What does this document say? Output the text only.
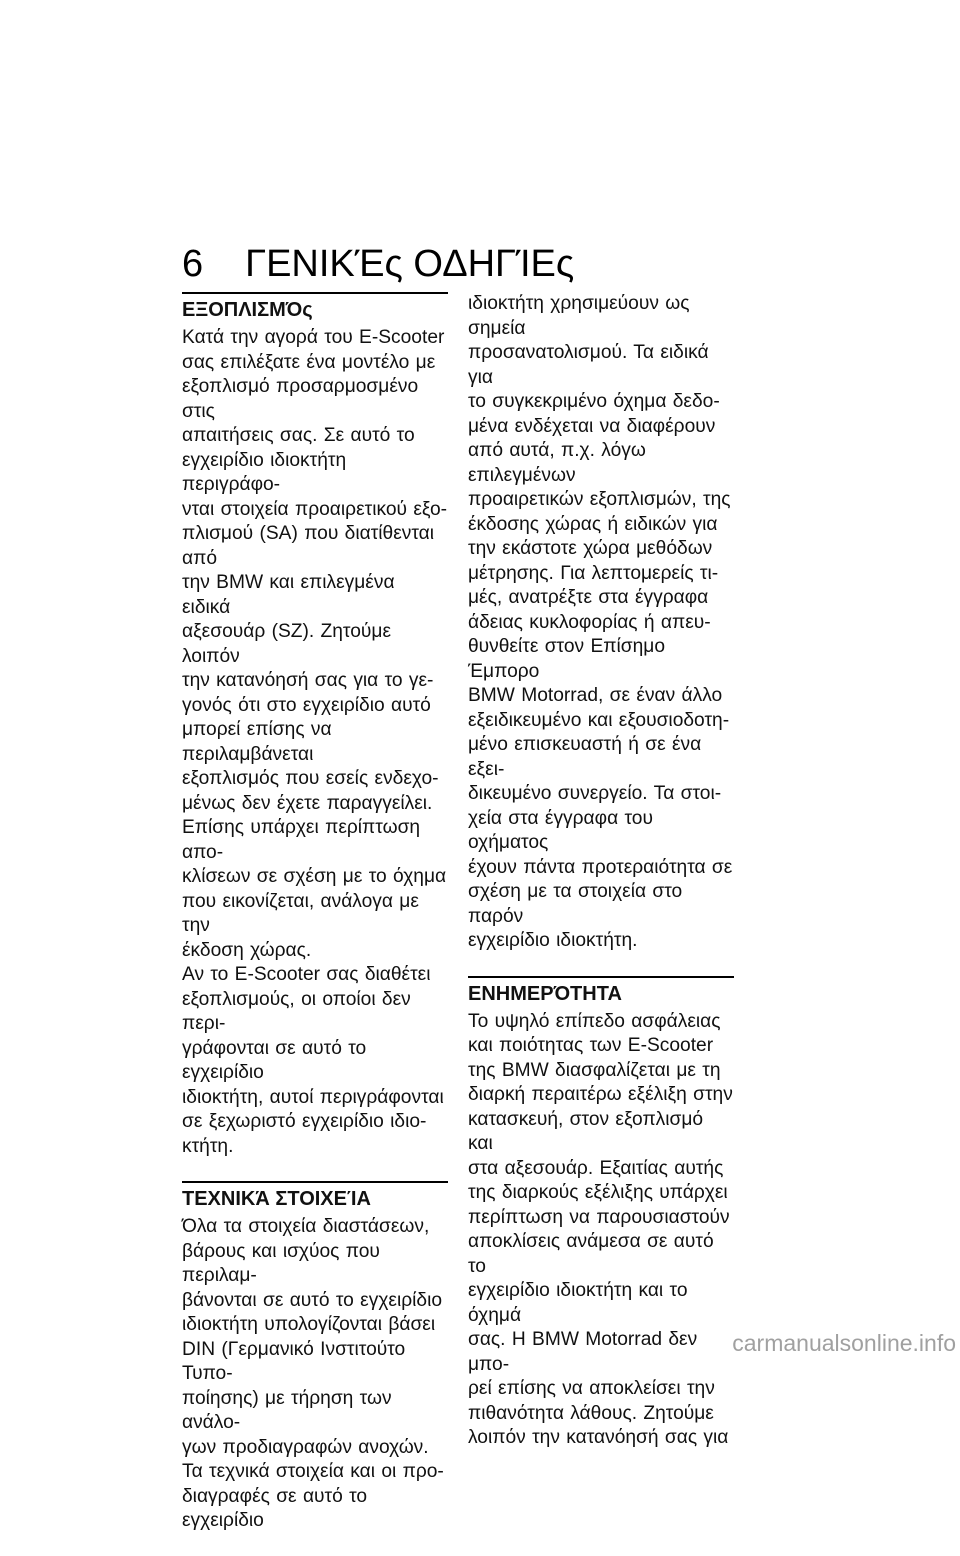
6 ΓΕΝΙΚΈς ΟΔΗΓΊΕς
ΕΞΟΠΛΙΣΜΌς

Κατά την αγορά του E-Scooter
σας επιλέξατε ένα μοντέλο με
εξοπλισμό προσαρμοσμένο στις
απαιτήσεις σας. Σε αυτό το
εγχειρίδιο ιδιοκτήτη περιγράφο-
νται στοιχεία προαιρετικού εξο-
πλισμού (SA) που διατίθενται από
την BMW και επιλεγμένα ειδικά
αξεσουάρ (SZ). Ζητούμε λοιπόν
την κατανόησή σας για το γε-
γονός ότι στο εγχειρίδιο αυτό
μπορεί επίσης να περιλαμβάνεται
εξοπλισμός που εσείς ενδεχο-
μένως δεν έχετε παραγγείλει.
Επίσης υπάρχει περίπτωση απο-
κλίσεων σε σχέση με το όχημα
που εικονίζεται, ανάλογα με την
έκδοση χώρας.

Αν το E-Scooter σας διαθέτει
εξοπλισμούς, οι οποίοι δεν περι-
γράφονται σε αυτό το εγχειρίδιο
ιδιοκτήτη, αυτοί περιγράφονται
σε ξεχωριστό εγχειρίδιο ιδιο-
κτήτη.

ΤΕΧΝΙΚΆ ΣΤΟΙΧΕΊΑ

Όλα τα στοιχεία διαστάσεων,
βάρους και ισχύος που περιλαμ-
βάνονται σε αυτό το εγχειρίδιο
ιδιοκτήτη υπολογίζονται βάσει
DIN (Γερμανικό Ινστιτούτο Τυπο-
ποίησης) με τήρηση των ανάλο-
γων προδιαγραφών ανοχών.

Τα τεχνικά στοιχεία και οι προ-
διαγραφές σε αυτό το εγχειρίδιο

ιδιοκτήτη χρησιμεύουν ως σημεία
προσανατολισμού. Τα ειδικά για
το συγκεκριμένο όχημα δεδο-
μένα ενδέχεται να διαφέρουν
από αυτά, π.χ. λόγω επιλεγμένων
προαιρετικών εξοπλισμών, της
έκδοσης χώρας ή ειδικών για
την εκάστοτε χώρα μεθόδων
μέτρησης. Για λεπτομερείς τι-
μές, ανατρέξτε στα έγγραφα
άδειας κυκλοφορίας ή απευ-
θυνθείτε στον Επίσημο Έμπορο
BMW Motorrad, σε έναν άλλο
εξειδικευμένο και εξουσιοδοτη-
μένο επισκευαστή ή σε ένα εξει-
δικευμένο συνεργείο. Τα στοι-
χεία στα έγγραφα του οχήματος
έχουν πάντα προτεραιότητα σε
σχέση με τα στοιχεία στο παρόν
εγχειρίδιο ιδιοκτήτη.

ΕΝΗΜΕΡΌΤΗΤΑ

Το υψηλό επίπεδο ασφάλειας
και ποιότητας των E-Scooter
της BMW διασφαλίζεται με τη
διαρκή περαιτέρω εξέλιξη στην
κατασκευή, στον εξοπλισμό και
στα αξεσουάρ. Εξαιτίας αυτής
της διαρκούς εξέλιξης υπάρχει
περίπτωση να παρουσιαστούν
αποκλίσεις ανάμεσα σε αυτό το
εγχειρίδιο ιδιοκτήτη και το όχημά
σας. Η BMW Motorrad δεν μπο-
ρεί επίσης να αποκλείσει την
πιθανότητα λάθους. Ζητούμε
λοιπόν την κατανόησή σας για

carmanualsonline.info
